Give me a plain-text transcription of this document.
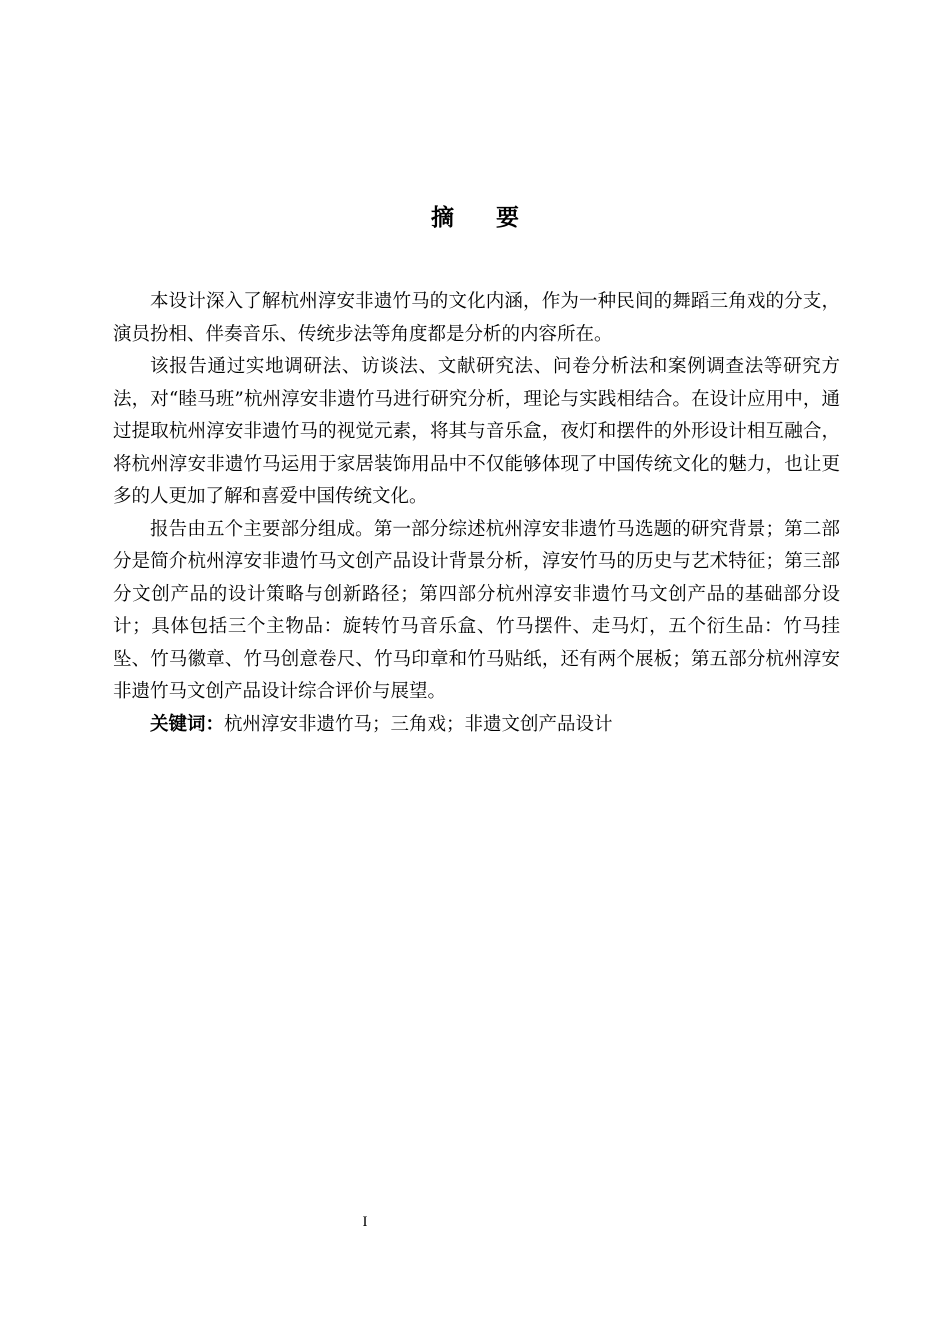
摘要

本设计深入了解杭州淳安非遗竹马的文化内涵，作为一种民间的舞蹈三角戏的分支，演员扮相、伴奏音乐、传统步法等角度都是分析的内容所在。

该报告通过实地调研法、访谈法、文献研究法、问卷分析法和案例调查法等研究方法，对“睦马班”杭州淳安非遗竹马进行研究分析，理论与实践相结合。在设计应用中，通过提取杭州淳安非遗竹马的视觉元素，将其与音乐盒，夜灯和摆件的外形设计相互融合，将杭州淳安非遗竹马运用于家居装饰用品中不仅能够体现了中国传统文化的魅力，也让更多的人更加了解和喜爱中国传统文化。

报告由五个主要部分组成。第一部分综述杭州淳安非遗竹马选题的研究背景；第二部分是简介杭州淳安非遗竹马文创产品设计背景分析，淳安竹马的历史与艺术特征；第三部分文创产品的设计策略与创新路径；第四部分杭州淳安非遗竹马文创产品的基础部分设计；具体包括三个主物品：旋转竹马音乐盒、竹马摆件、走马灯，五个衍生品：竹马挂坠、竹马徽章、竹马创意卷尺、竹马印章和竹马贴纸，还有两个展板；第五部分杭州淳安非遗竹马文创产品设计综合评价与展望。

关键词：杭州淳安非遗竹马；三角戏；非遗文创产品设计

I
